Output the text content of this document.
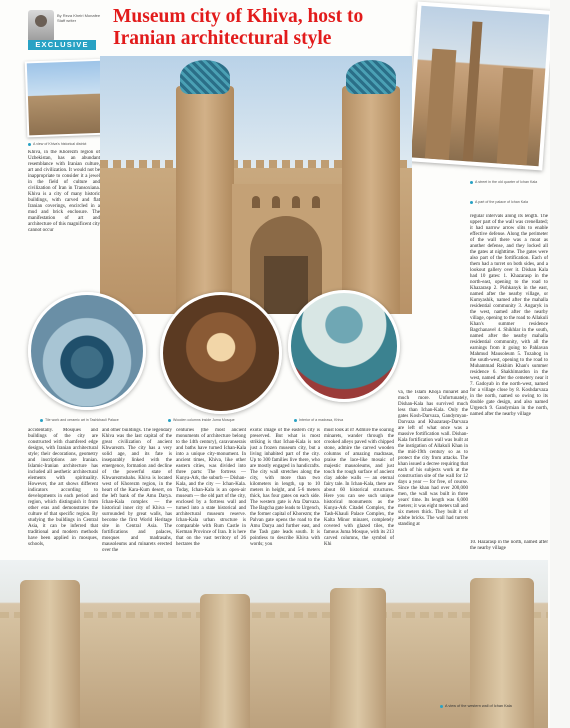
By Reza Kheiri Monafee Staff writer
EXCLUSIVE
Museum city of Khiva, host to Iranian architectural style
A view of Khiva's historical district
A street in the old quarter of Ichan Kala
A part of the palace of Ichan Kala

Khiva, in the Khorezm region of Uzbekistan, has an abundant resemblance with Iranian culture, art and civilization. It would not be inappropriate to consider it a jewel in the field of culture and civilization of Iran in Transoxiana. Khiva is a city of many historic buildings, with carved and flat Iranian coverings, encircled in a mud and brick enclosure. The manifestation of art and architecture of this magnificent city cannot occur

regular intervals along its length. The upper part of the wall was crenellated; it had narrow arrow slits to enable effective defense. Along the perimeter of the wall there was a moat as another defense, and they locked all the gates at nighttime. The gates were also part of the fortification. Each of them had a turret on both sides, and a lookout gallery over it. Dishan Kala had 10 gates: 1. Khazarasp in the north-east, opening to the road to Khazarasp 2. Pishkanyk in the east, named after the nearby village, or Kumyashik, named after the mahalla residential community 3. Angaryk in the west, named after the nearby village, opening to the road to Allakuli Khan's summer residence Bagchanavel 4. Shikhlar in the south, named after the nearby mahalla residential community, with all the earnings from it going to Pahlavan Mahmud Mausoleum 5. Tozabog in the south-west, opening to the road to Muhammad Rakhim Khan's summer residence 6. Shakhimardon in the west, named after the cemetery near it 7. Gadoyab in the north-west, named for a village close by 8. Koshdarvaza in the north, named so owing to its double gate design, and also named Urgench 9. Gandymian in the north, named after the nearby village

Tile work and ceramic art in Tashkhauli Palace	Wooden columns inside Juma Mosque	Interior of a madrasa, Khiva

accidentally. Mosques and buildings of the city are constructed with chamfered edge designs, with Iranian architectural style; their decorations, geometry and inscriptions are Iranian. Islamic-Iranian architecture has included all aesthetic architectural elements with spirituality. However, the art shows different indicators according to developments in each period and region, which distinguish it from other eras and demonstrates the culture of that specific region. By studying the buildings in Central Asia, it can be inferred that traditional and modern methods have been applied in mosques, schools,

and other buildings. The legendary Khiva was the last capital of the great civilization of ancient Khwarezm. The city has a very solid age, and its fate is inseparably linked with the emergence, formation and decline of the powerful state of Khwarezmshahs. Khiva is located west of Khorezm region, in the heart of the Kara-Kum desert, on the left bank of the Amu Darya. Ichan-Kala complex — the historical inner city of Khiva — surrounded by great walls, has become the first World Heritage site in Central Asia. The fortifications and palaces, mosques and madrasahs, mausoleums and minarets erected over the

centuries (the most ancient monuments of architecture belong to the 14th century), caravanserais and baths have turned Ichan-Kala into a unique city-monument. In ancient times, Khiva, like other eastern cities, was divided into three parts: The fortress — Kunya-Ark, the suburb — Dishan-Kala, and the city — Ichan-Kala. Today, Ichan-Kala is an open-air museum — the old part of the city, enclosed by a fortress wall and turned into a state historical and architectural museum reserve. Ichan-Kala urban structure is comparable with Rum Castle in Kerman Province of Iran. It is here that on the vast territory of 26 hectares the

exotic image of the eastern city is preserved. But what is most striking is that Ichan-Kala is not just a frozen museum city, but a living inhabited part of the city. Up to 300 families live there, who are mostly engaged in handicrafts. The city wall stretches along the city, with more than two kilometers in length, up to 10 meters in height, and 5-6 meters thick, has four gates on each side. The western gate is Ata Darvaza. The Bagcha gate leads to Urgench, the former capital of Khorezm; the Palvan gate opens the road to the Amu Darya and further east, and the Tash gate leads south. It is pointless to describe Khiva with words; you

must look at it! Admire the soaring minarets, wander through the crooked alleys paved with chipped stone, admire the carved wooden columns of amazing madrasas, praise the lace-like mosaic of majestic mausoleums, and just touch the rough surface of ancient clay adobe walls — an eternal fairy tale. In Ichan-Kala, there are about 60 historical structures. Here you can see such unique historical monuments as the Kunya-Ark Citadel Complex, the Tash-Khauli Palace Complex, the Kalta Minor minaret, completely covered with glazed tiles, the famous Juma Mosque, with its 213 carved columns, the symbol of Khi

va, the Islam Khoja minaret and much more. Unfortunately, Dishan-Kala has survived much less than Ichan-Kala. Only the gates Kosh-Darvaza, Gandymyan-Darvaza and Khazarasp-Darvaza are left of what once was a massive fortification wall. Dishan-Kala fortification wall was built at the instigation of Allakuli Khan in the mid-19th century so as to protect the city from attacks. The khan issued a decree requiring that each of his subjects work at the construction site of the wall for 12 days a year — for free, of course. Since the khan had over 200,000 men, the wall was built in three years' time. Its length was 6,000 meters; it was eight meters tall and six meters thick. They built it of adobe bricks. The wall had turrets standing at

10. Hazarasp in the north, named after the nearby village

A view of the western wall of Ichan Kala
